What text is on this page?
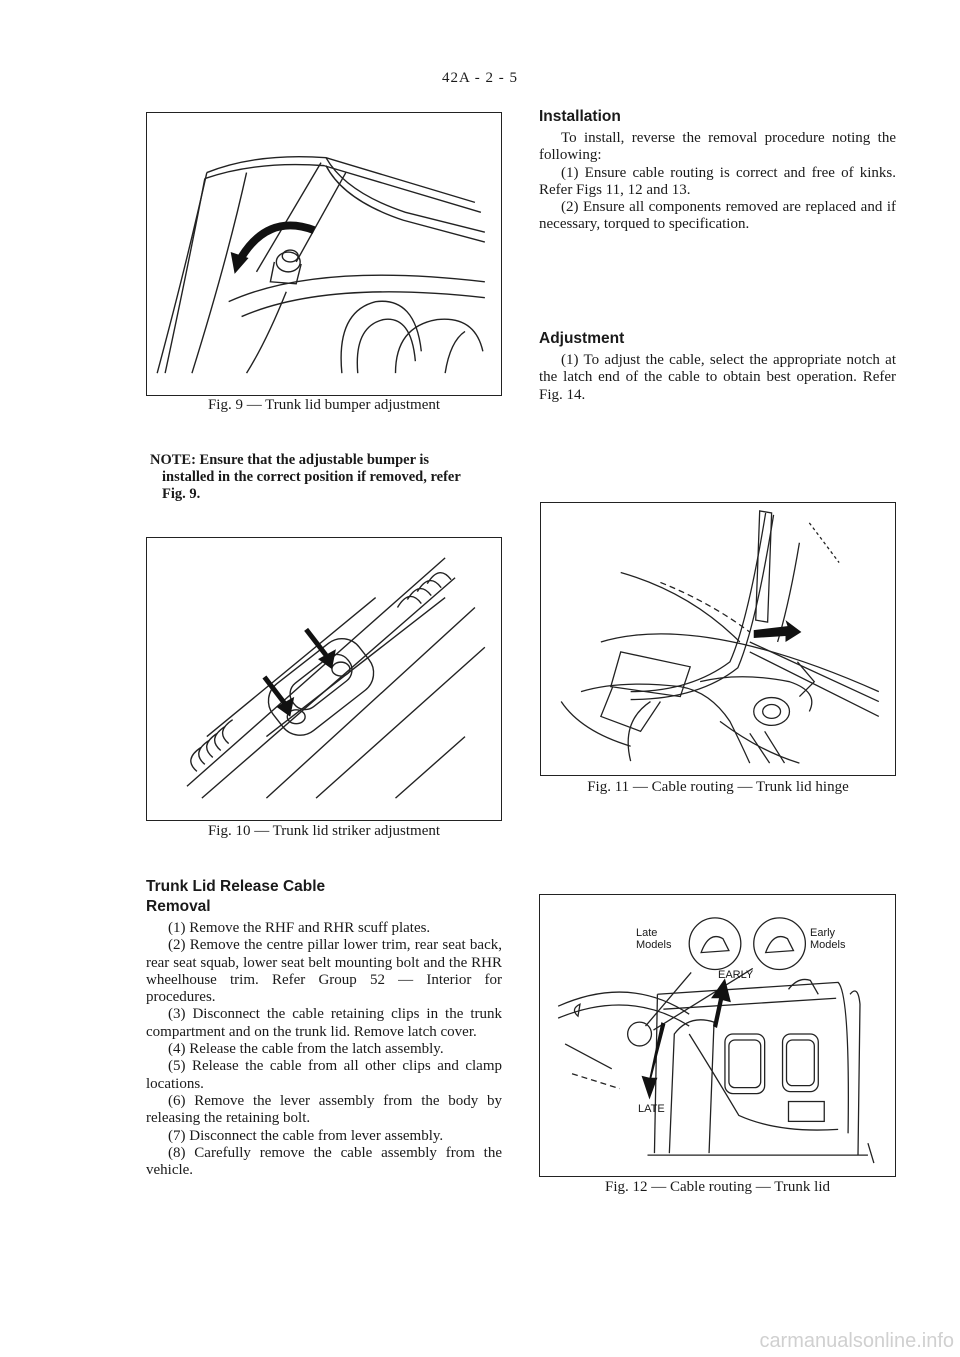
42A - 2 - 5
Fig. 9 — Trunk lid bumper adjustment
NOTE: Ensure that the adjustable bumper is
installed in the correct position if removed, refer
Fig. 9.
Fig. 10 — Trunk lid striker adjustment
Trunk Lid Release Cable
Removal

(1) Remove the RHF and RHR scuff plates.

(2) Remove the centre pillar lower trim, rear seat back, rear seat squab, lower seat belt mounting bolt and the RHR wheelhouse trim. Refer Group 52 — Interior for procedures.

(3) Disconnect the cable retaining clips in the trunk compartment and on the trunk lid. Remove latch cover.

(4) Release the cable from the latch assembly.

(5) Release the cable from all other clips and clamp locations.

(6) Remove the lever assembly from the body by releasing the retaining bolt.

(7) Disconnect the cable from lever assembly.

(8) Carefully remove the cable assembly from the vehicle.

Installation

To install, reverse the removal procedure noting the following:

(1) Ensure cable routing is correct and free of kinks. Refer Figs 11, 12 and 13.

(2) Ensure all components removed are replaced and if necessary, torqued to specification.

Adjustment

(1) To adjust the cable, select the appropriate notch at the latch end of the cable to obtain best operation. Refer Fig. 14.

Fig. 11 — Cable routing — Trunk lid hinge
Late
Models
Early
Models
EARLY
LATE
Fig. 12 — Cable routing — Trunk lid
carmanualsonline.info
